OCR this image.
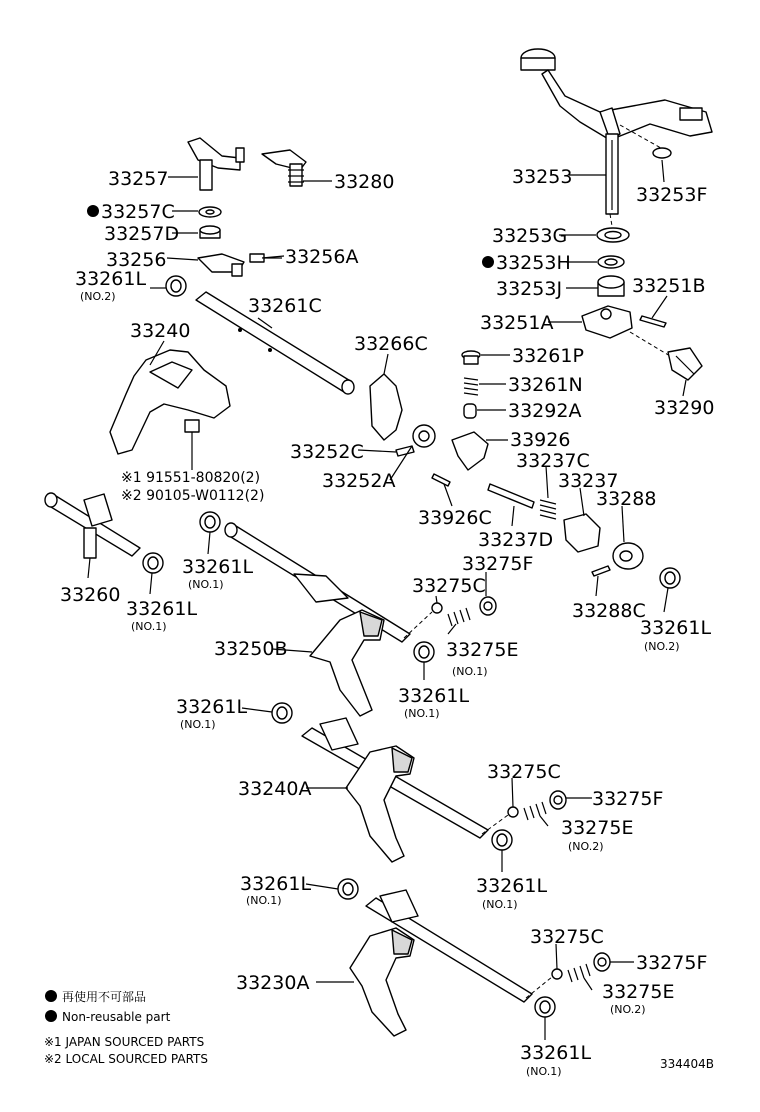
33257	33280
33257C
33257D
33256	33256A
33261L
(NO.2)	33261C
33240
33266C
33253
33253F
33253G
33253H
33253J	33251B
33251A
33261P
33261N
33292A	33290
33926
33252C
33252A
33237C
33237
33288
33926C
33237D
※1 91551-80820(2)
※2 90105-W0112(2)
33260
33261L
(NO.1)
33261L
(NO.1)
33275F
33275C
33288C
33261L
(NO.2)
33250B	33275E
(NO.1)
33261L
(NO.1)
33261L
(NO.1)
33275C
33240A	33275F
33275E
(NO.2)
33261L
(NO.1)
33261L
(NO.1)
33275C
33275F
33230A	33275E
(NO.2)
33261L
(NO.1)
再使用不可部品
Non-reusable part
※1 JAPAN SOURCED PARTS
※2 LOCAL SOURCED PARTS	334404B
